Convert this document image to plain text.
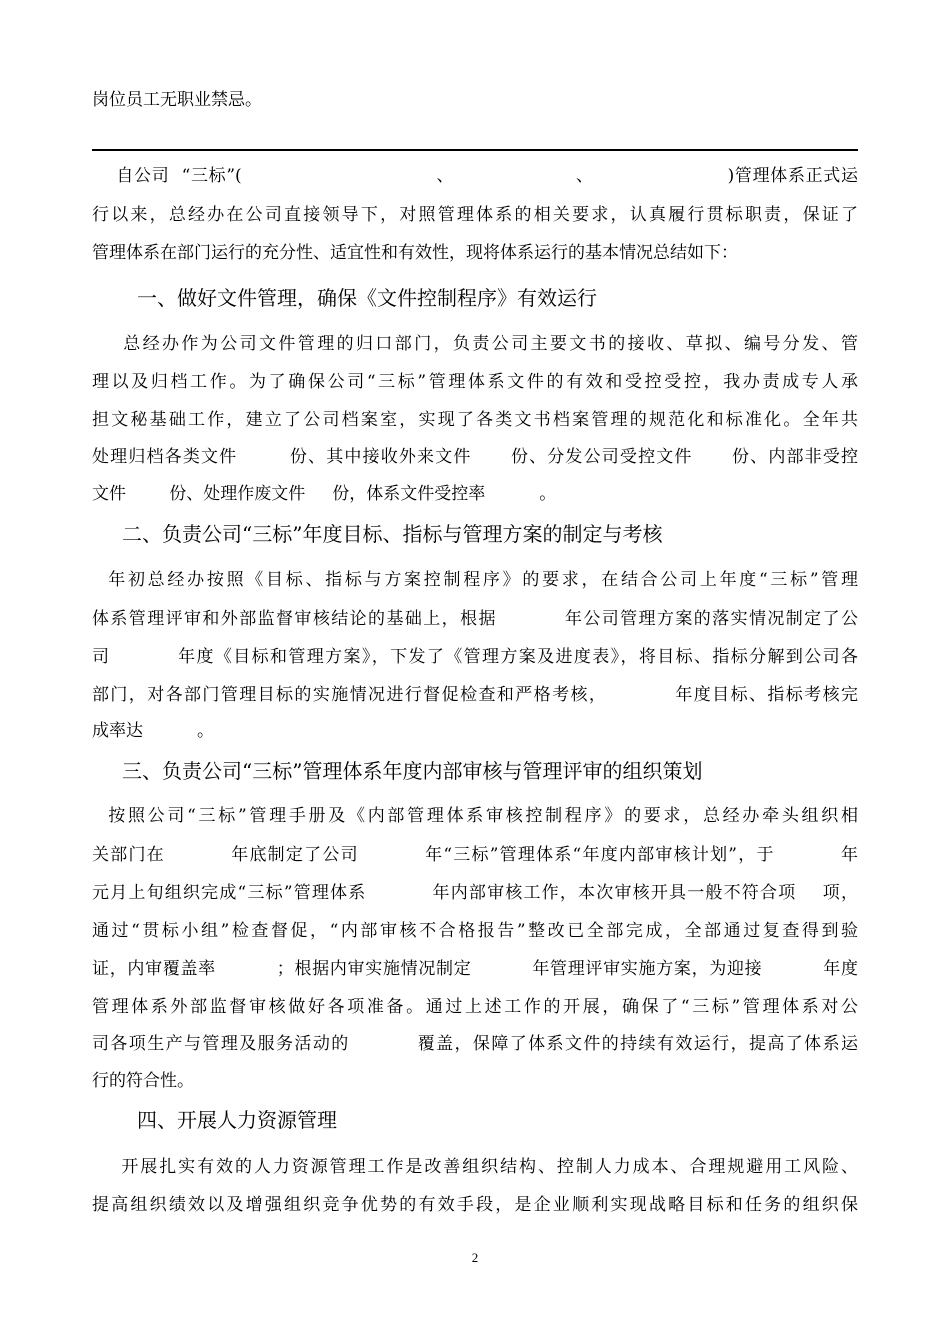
岗位员工无职业禁忌。

自公司  “三标”(                                、                    、                      )管理体系正式运

行以来，总经办在公司直接领导下，对照管理体系的相关要求，认真履行贯标职责，保证了

管理体系在部门运行的充分性、适宜性和有效性，现将体系运行的基本情况总结如下：

一、做好文件管理，确保《文件控制程序》有效运行

总经办作为公司文件管理的归口部门，负责公司主要文书的接收、草拟、编号分发、管

理以及归档工作。为了确保公司“三标”管理体系文件的有效和受控受控，我办责成专人承

担文秘基础工作，建立了公司档案室，实现了各类文书档案管理的规范化和标准化。全年共

处理归档各类文件        份、其中接收外来文件      份、分发公司受控文件      份、内部非受控

文件        份、处理作废文件     份，体系文件受控率          。

二、负责公司“三标”年度目标、指标与管理方案的制定与考核

年初总经办按照《目标、指标与方案控制程序》的要求，在结合公司上年度“三标”管理

体系管理评审和外部监督审核结论的基础上，根据          年公司管理方案的落实情况制定了公

司          年度《目标和管理方案》，下发了《管理方案及进度表》，将目标、指标分解到公司各

部门，对各部门管理目标的实施情况进行督促检查和严格考核，          年度目标、指标考核完

成率达          。

三、负责公司“三标”管理体系年度内部审核与管理评审的组织策划

按照公司“三标”管理手册及《内部管理体系审核控制程序》的要求，总经办牵头组织相

关部门在          年底制定了公司          年“三标”管理体系“年度内部审核计划”，于          年

元月上旬组织完成“三标”管理体系          年内部审核工作，本次审核开具一般不符合项    项，

通过“贯标小组”检查督促，“内部审核不合格报告”整改已全部完成，全部通过复查得到验

证，内审覆盖率          ；根据内审实施情况制定          年管理评审实施方案，为迎接          年度

管理体系外部监督审核做好各项准备。通过上述工作的开展，确保了“三标”管理体系对公

司各项生产与管理及服务活动的          覆盖，保障了体系文件的持续有效运行，提高了体系运

行的符合性。

四、开展人力资源管理

开展扎实有效的人力资源管理工作是改善组织结构、控制人力成本、合理规避用工风险、

提高组织绩效以及增强组织竞争优势的有效手段，是企业顺利实现战略目标和任务的组织保

2
